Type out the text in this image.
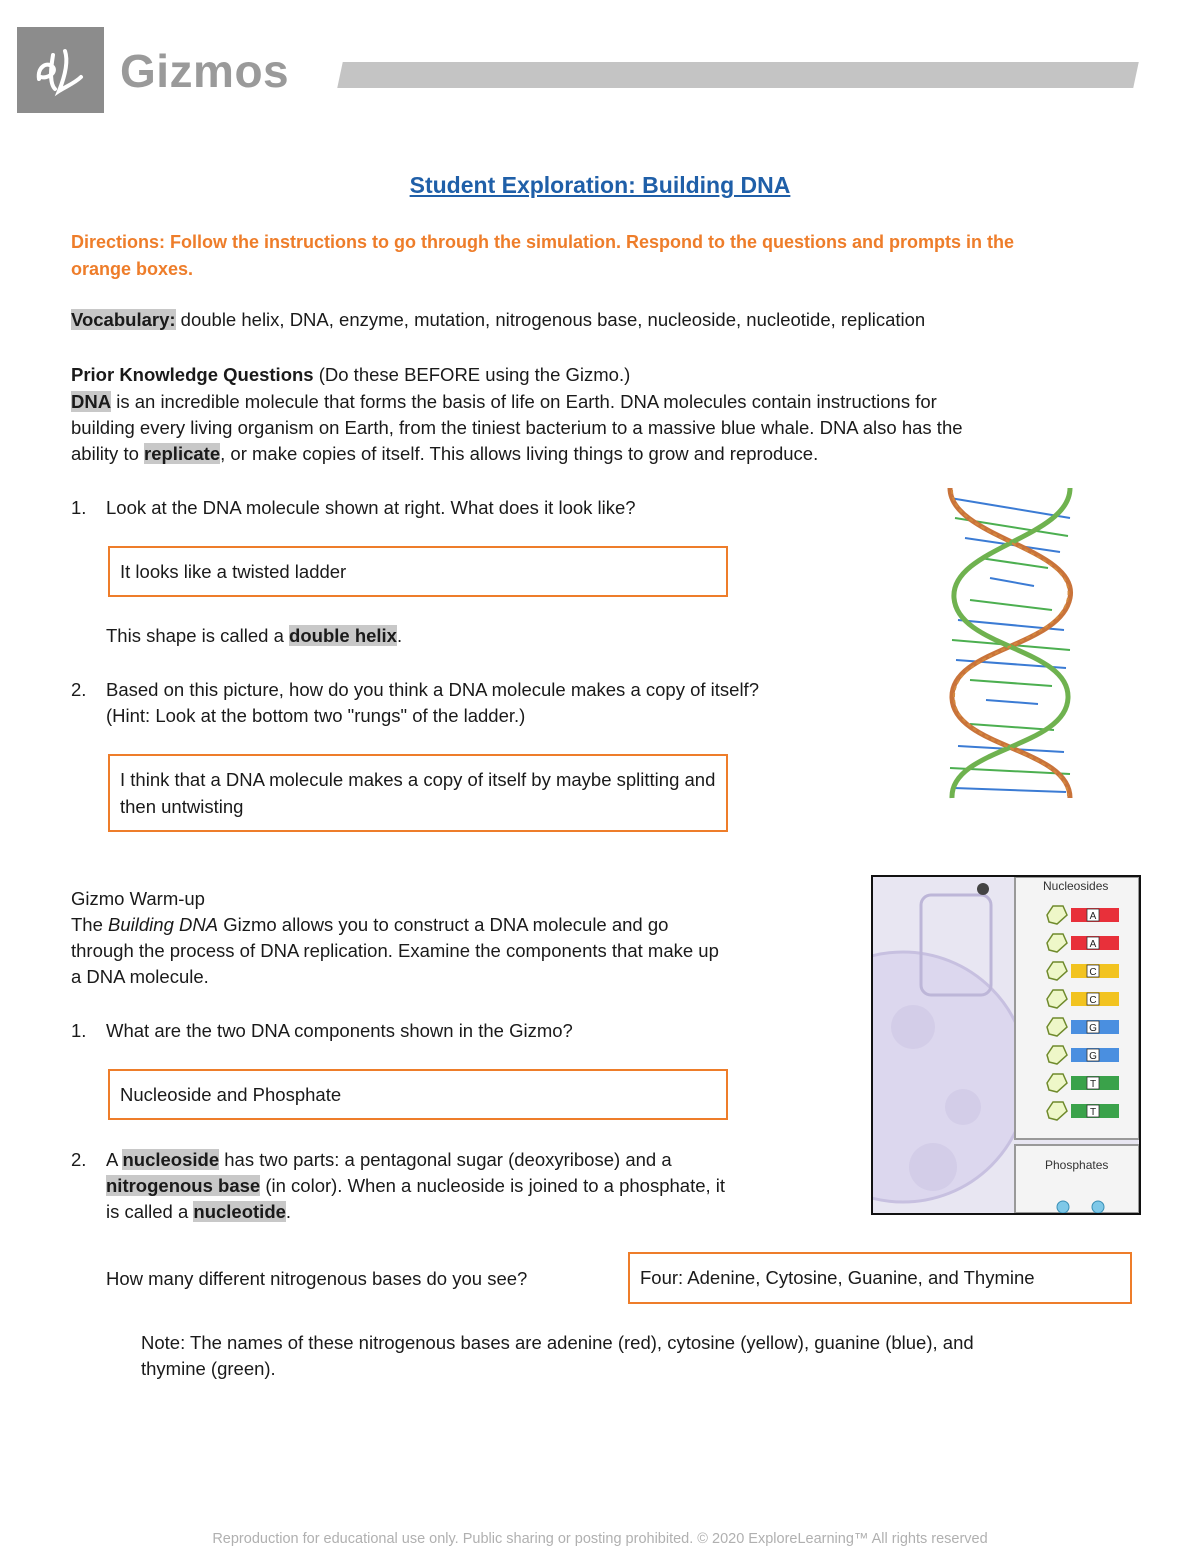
Gizmos
Student Exploration: Building DNA
Directions: Follow the instructions to go through the simulation. Respond to the questions and prompts in the orange boxes.
Vocabulary: double helix, DNA, enzyme, mutation, nitrogenous base, nucleoside, nucleotide, replication
Prior Knowledge Questions (Do these BEFORE using the Gizmo.)
DNA is an incredible molecule that forms the basis of life on Earth. DNA molecules contain instructions for
building every living organism on Earth, from the tiniest bacterium to a massive blue whale. DNA also has the
ability to replicate, or make copies of itself. This allows living things to grow and reproduce.
1. Look at the DNA molecule shown at right. What does it look like?
It looks like a twisted ladder
This shape is called a double helix.
2. Based on this picture, how do you think a DNA molecule makes a copy of itself?
(Hint: Look at the bottom two "rungs" of the ladder.)
I think that a DNA molecule makes a copy of itself by maybe splitting and then untwisting
Gizmo Warm-up
The Building DNA Gizmo allows you to construct a DNA molecule and go
through the process of DNA replication. Examine the components that make up
a DNA molecule.
1. What are the two DNA components shown in the Gizmo?
Nucleoside and Phosphate
2. A nucleoside has two parts: a pentagonal sugar (deoxyribose) and a
nitrogenous base (in color). When a nucleoside is joined to a phosphate, it
is called a nucleotide.
How many different nitrogenous bases do you see?	Four: Adenine, Cytosine, Guanine, and Thymine
Note: The names of these nitrogenous bases are adenine (red), cytosine (yellow), guanine (blue), and
thymine (green).
A
A
C
C
G
G
T
T
Nucleosides
Phosphates
Reproduction for educational use only. Public sharing or posting prohibited. © 2020 ExploreLearning™ All rights reserved
